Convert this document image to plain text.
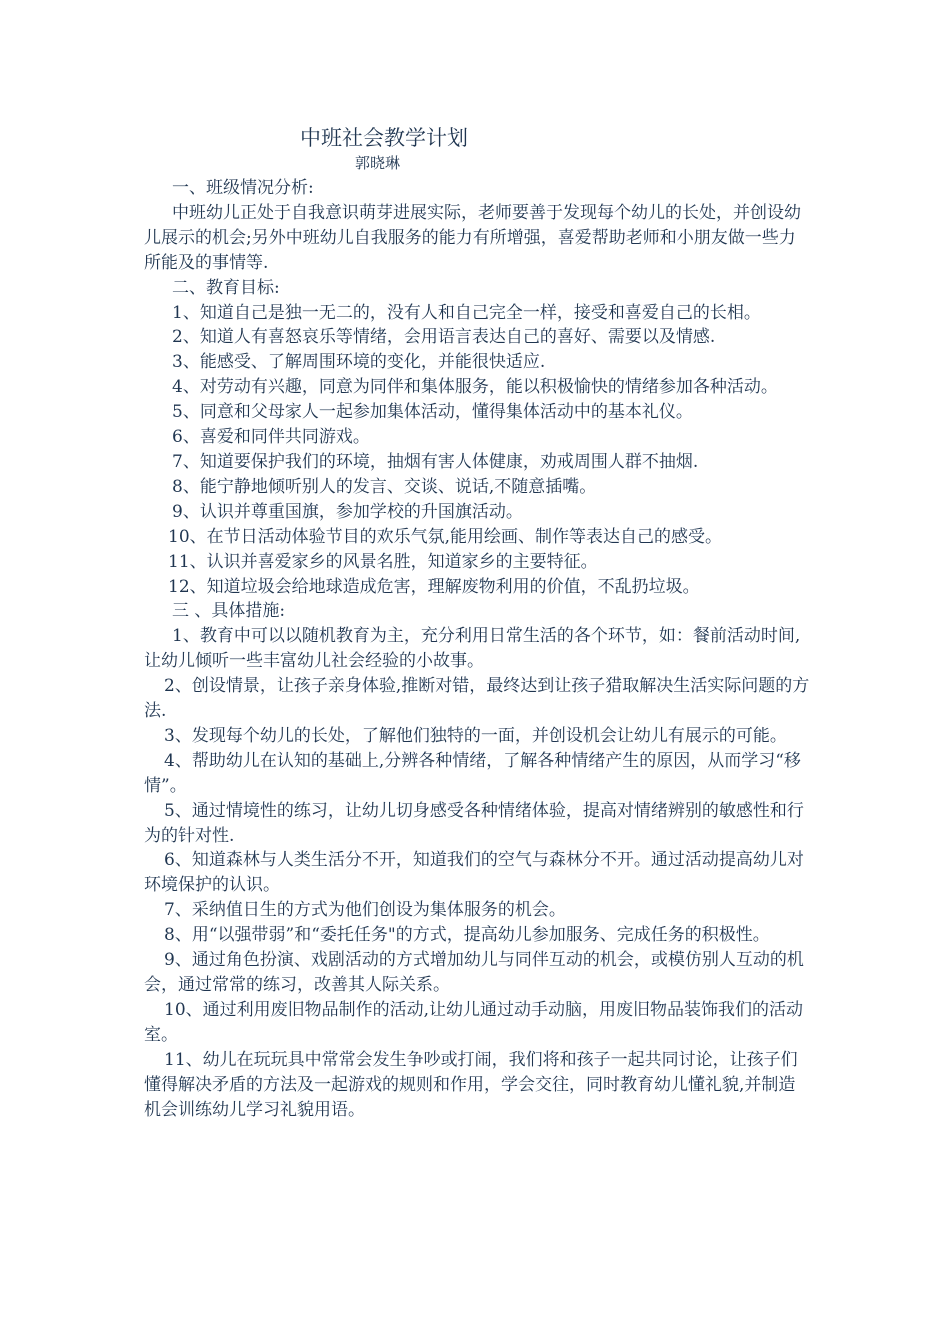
中班社会教学计划
郭晓琳

一、班级情况分析:

中班幼儿正处于自我意识萌芽进展实际，老师要善于发现每个幼儿的长处，并创设幼儿展示的机会;另外中班幼儿自我服务的能力有所增强，喜爱帮助老师和小朋友做一些力所能及的事情等.

二、教育目标:

1、知道自己是独一无二的，没有人和自己完全一样，接受和喜爱自己的长相。

2、知道人有喜怒哀乐等情绪，会用语言表达自己的喜好、需要以及情感.

3、能感受、了解周围环境的变化，并能很快适应.

4、对劳动有兴趣，同意为同伴和集体服务，能以积极愉快的情绪参加各种活动。

5、同意和父母家人一起参加集体活动，懂得集体活动中的基本礼仪。

6、喜爱和同伴共同游戏。

7、知道要保护我们的环境，抽烟有害人体健康，劝戒周围人群不抽烟.

8、能宁静地倾听别人的发言、交谈、说话,不随意插嘴。

9、认识并尊重国旗，参加学校的升国旗活动。

10、在节日活动体验节目的欢乐气氛,能用绘画、制作等表达自己的感受。

11、认识并喜爱家乡的风景名胜，知道家乡的主要特征。

12、知道垃圾会给地球造成危害，理解废物利用的价值，不乱扔垃圾。

三 、具体措施:

1、教育中可以以随机教育为主，充分利用日常生活的各个环节，如：餐前活动时间,让幼儿倾听一些丰富幼儿社会经验的小故事。

2、创设情景，让孩子亲身体验,推断对错，最终达到让孩子猎取解决生活实际问题的方法.

3、发现每个幼儿的长处，了解他们独特的一面，并创设机会让幼儿有展示的可能。

4、帮助幼儿在认知的基础上,分辨各种情绪，了解各种情绪产生的原因，从而学习“移情”。

5、通过情境性的练习，让幼儿切身感受各种情绪体验，提高对情绪辨别的敏感性和行为的针对性.

6、知道森林与人类生活分不开，知道我们的空气与森林分不开。通过活动提高幼儿对环境保护的认识。

7、采纳值日生的方式为他们创设为集体服务的机会。

8、用“以强带弱”和“委托任务"的方式，提高幼儿参加服务、完成任务的积极性。

9、通过角色扮演、戏剧活动的方式增加幼儿与同伴互动的机会，或模仿别人互动的机会，通过常常的练习，改善其人际关系。

10、通过利用废旧物品制作的活动,让幼儿通过动手动脑，用废旧物品装饰我们的活动室。

11、幼儿在玩玩具中常常会发生争吵或打闹，我们将和孩子一起共同讨论，让孩子们懂得解决矛盾的方法及一起游戏的规则和作用，学会交往，同时教育幼儿懂礼貌,并制造机会训练幼儿学习礼貌用语。
